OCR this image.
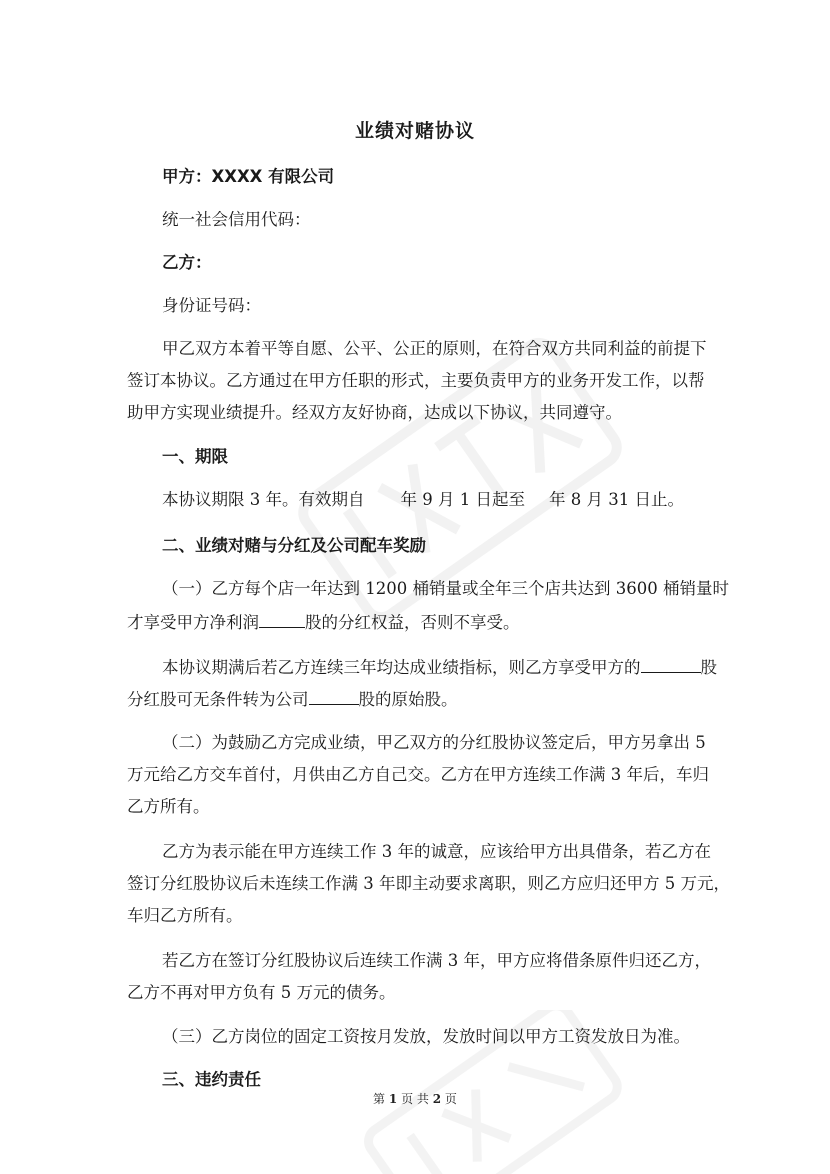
业绩对赌协议
甲方：XXXX 有限公司
统一社会信用代码：
乙方：
身份证号码：
甲乙双方本着平等自愿、公平、公正的原则，在符合双方共同利益的前提下
签订本协议。乙方通过在甲方任职的形式，主要负责甲方的业务开发工作，以帮
助甲方实现业绩提升。经双方友好协商，达成以下协议，共同遵守。
一、期限
本协议期限 3 年。有效期自 年 9 月 1 日起至 年 8 月 31 日止。
二、业绩对赌与分红及公司配车奖励
（一）乙方每个店一年达到 1200 桶销量或全年三个店共达到 3600 桶销量时
才享受甲方净利润	股的分红权益，否则不享受。
本协议期满后若乙方连续三年均达成业绩指标，则乙方享受甲方的	股
分红股可无条件转为公司	股的原始股。
（二）为鼓励乙方完成业绩，甲乙双方的分红股协议签定后，甲方另拿出 5
万元给乙方交车首付，月供由乙方自己交。乙方在甲方连续工作满 3 年后，车归
乙方所有。
乙方为表示能在甲方连续工作 3 年的诚意，应该给甲方出具借条，若乙方在
签订分红股协议后未连续工作满 3 年即主动要求离职，则乙方应归还甲方 5 万元，
车归乙方所有。
若乙方在签订分红股协议后连续工作满 3 年，甲方应将借条原件归还乙方，
乙方不再对甲方负有 5 万元的债务。
（三）乙方岗位的固定工资按月发放，发放时间以甲方工资发放日为准。
三、违约责任
第 1 页 共 2 页
